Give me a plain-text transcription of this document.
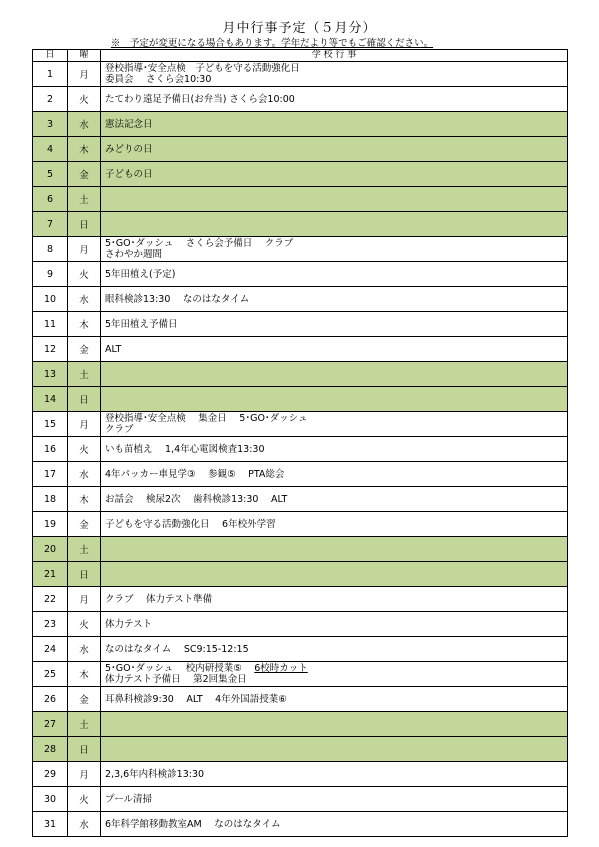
月中行事予定（５月分）
※　予定が変更になる場合もあります。学年だより等でもご確認ください。
日	曜	学 校 行 事
1	月	登校指導･安全点検　子どもを守る活動強化日
委員会　 さくら会10:30
2	火	たてわり遠足予備日(お弁当) さくら会10:00
3	水	憲法記念日
4	木	みどりの日
5	金	子どもの日
6	土	
7	日	
8	月	5･GO･ダッシュ　 さくら会予備日　 クラブ
さわやか週間
9	火	5年田植え(予定)
10	水	眼科検診13:30　 なのはなタイム
11	木	5年田植え予備日
12	金	ALT
13	土	
14	日	
15	月	登校指導･安全点検　 集金日　 5･GO･ダッシュ
クラブ
16	火	いも苗植え　 1,4年心電図検査13:30
17	水	4年パッカー車見学③　 参観⑤　 PTA総会
18	木	お話会　 検尿2次　 歯科検診13:30　 ALT
19	金	子どもを守る活動強化日　 6年校外学習
20	土	
21	日	
22	月	クラブ　 体力テスト準備
23	火	体力テスト
24	水	なのはなタイム　 SC9:15-12:15
25	木	5･GO･ダッシュ　 校内研授業⑤　 6校時カット
体力テスト予備日　 第2回集金日
26	金	耳鼻科検診9:30　 ALT　 4年外国語授業⑥
27	土	
28	日	
29	月	2,3,6年内科検診13:30
30	火	プール清掃
31	水	6年科学館移動教室AM　 なのはなタイム
